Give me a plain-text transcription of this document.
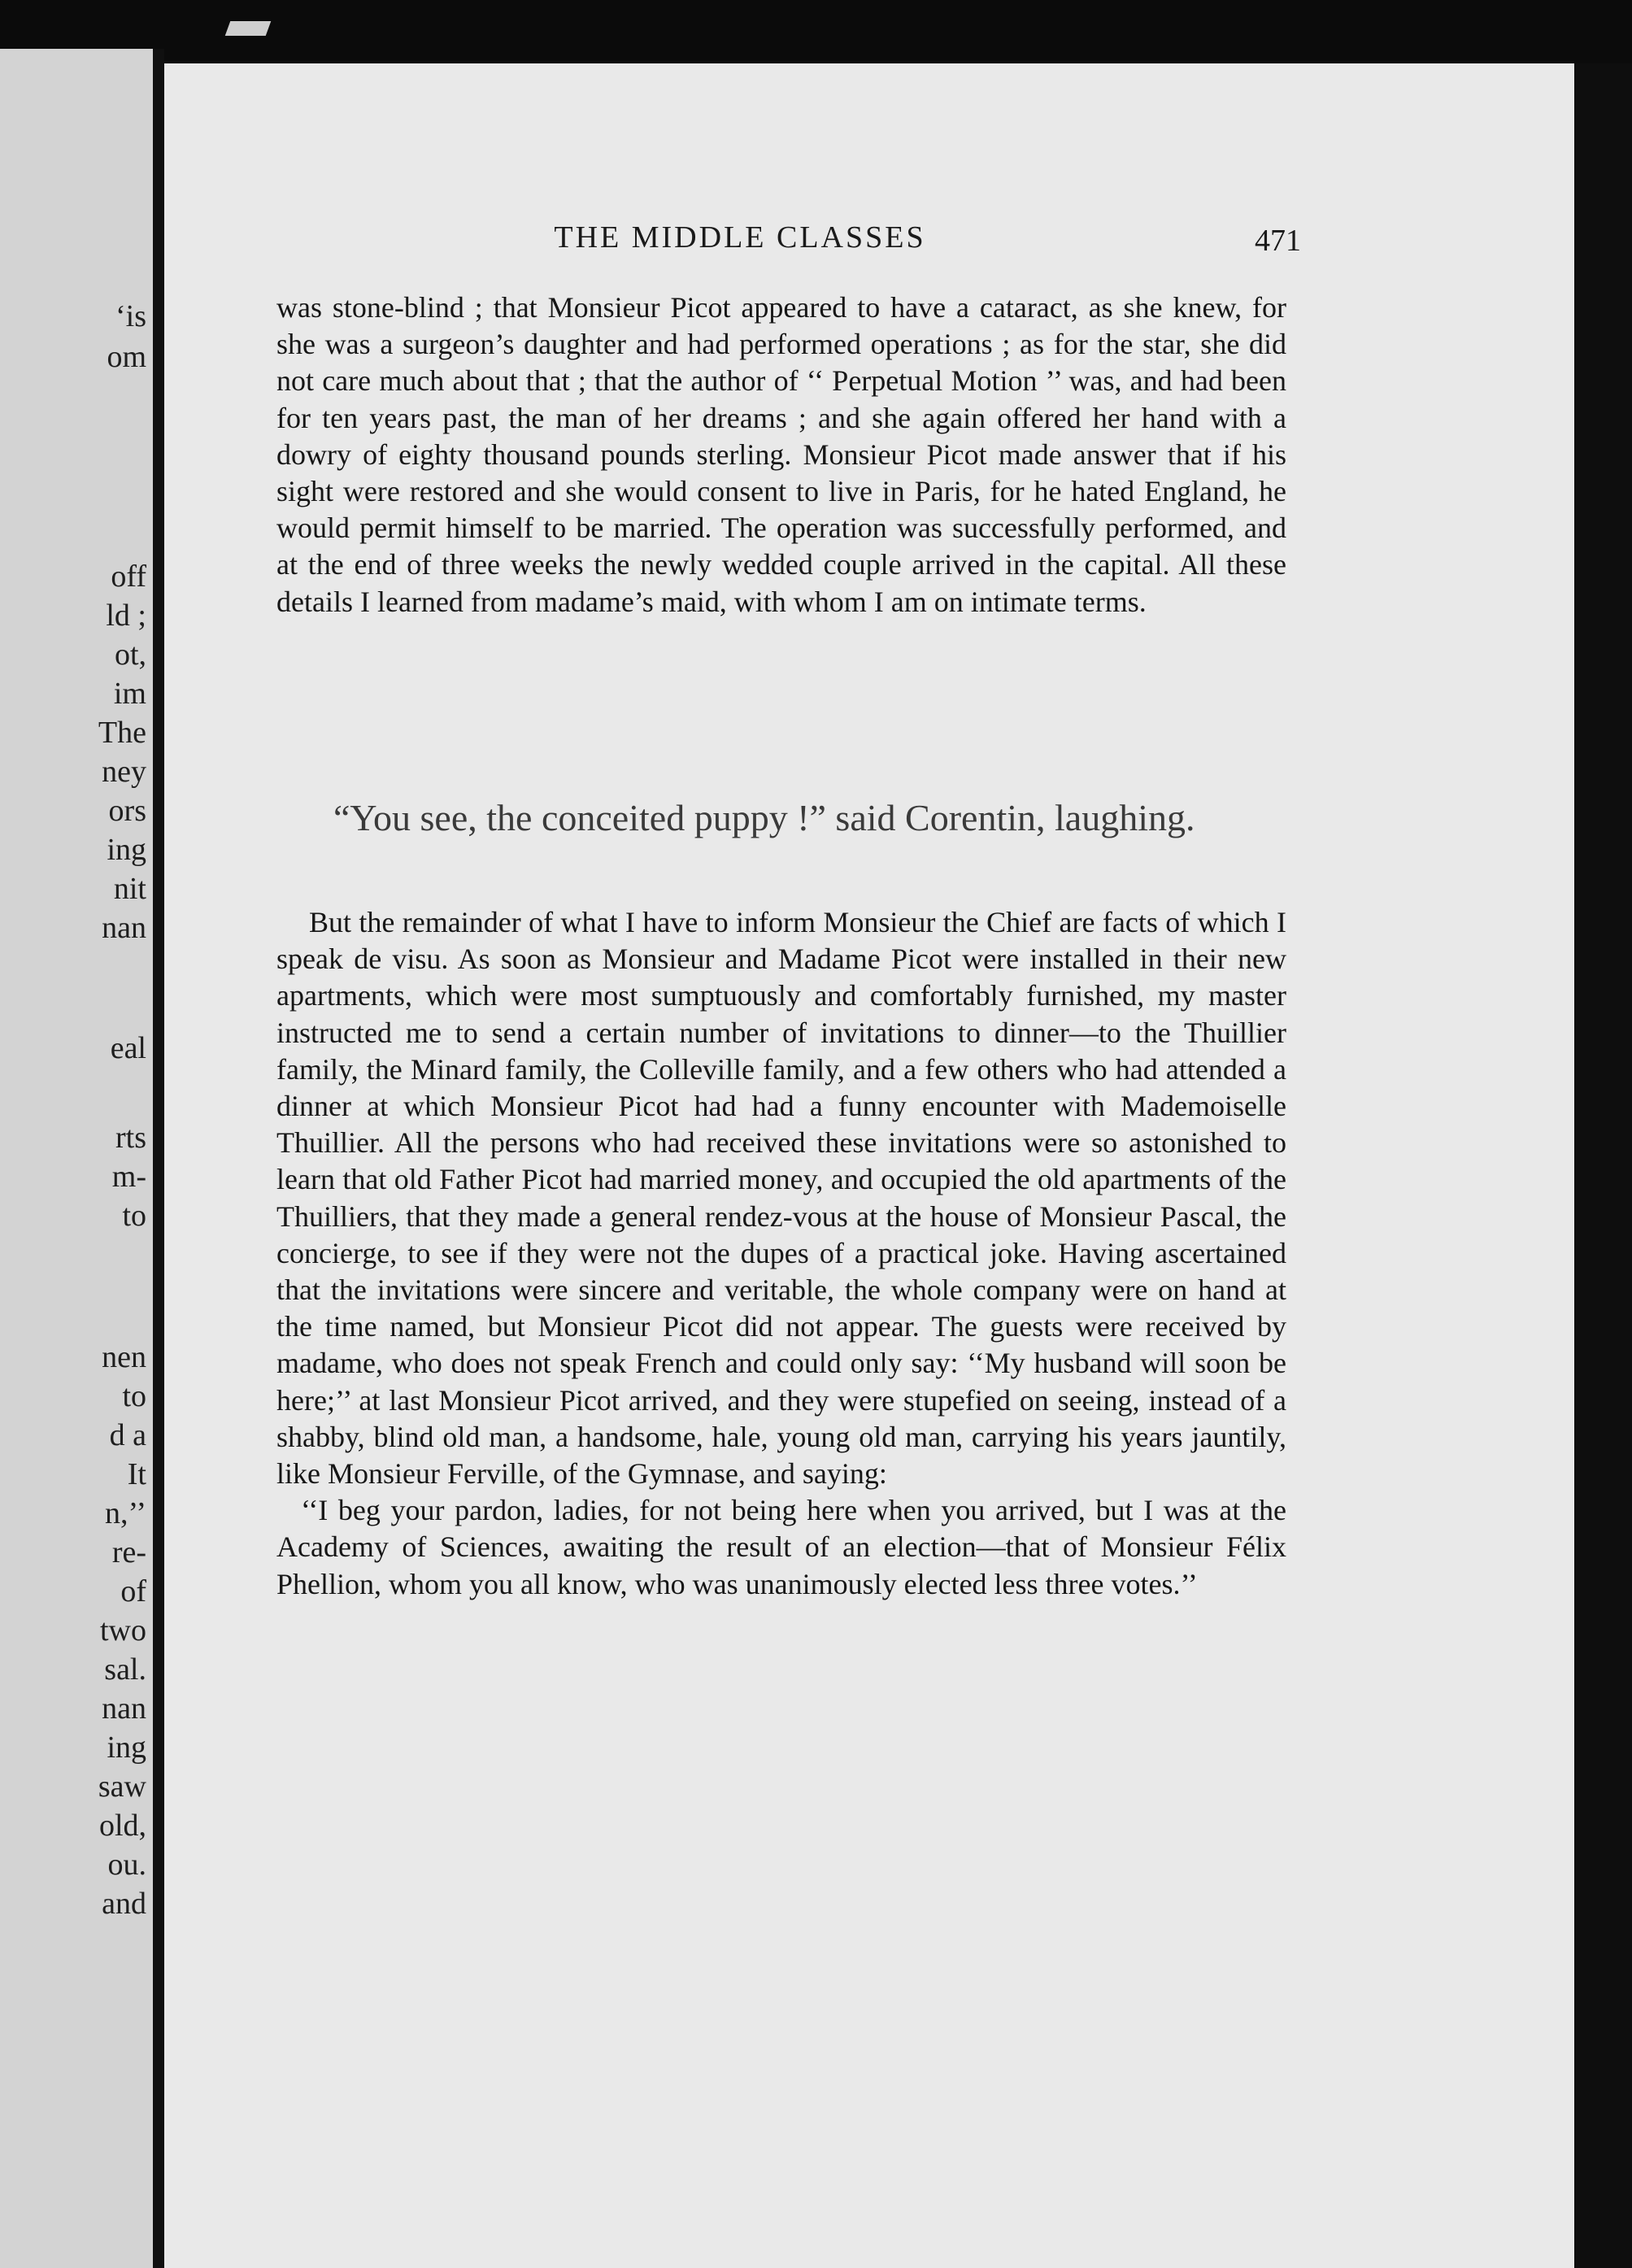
‘is
om
off
ld ;
ot,
im
The
ney
ors
ing
nit
nan
eal
rts
m-
to
nen
to
d a
It
n,’’
re-
of
two
sal.
nan
ing
saw
old,
ou.
and
THE MIDDLE CLASSES	471
was stone-blind ; that Monsieur Picot appeared to have a cataract, as she knew, for she was a surgeon’s daughter and had performed operations ; as for the star, she did not care much about that ; that the author of ‘‘ Perpetual Motion ’’ was, and had been for ten years past, the man of her dreams ; and she again offered her hand with a dowry of eighty thousand pounds sterling. Monsieur Picot made answer that if his sight were restored and she would consent to live in Paris, for he hated England, he would permit himself to be married. The operation was successfully performed, and at the end of three weeks the newly wedded couple arrived in the capital. All these details I learned from madame’s maid, with whom I am on intimate terms.
“You see, the conceited puppy !” said Corentin, laughing.

But the remainder of what I have to inform Monsieur the Chief are facts of which I speak de visu. As soon as Monsieur and Madame Picot were installed in their new apartments, which were most sumptuously and comfortably furnished, my master instructed me to send a certain number of invitations to dinner—to the Thuillier family, the Minard family, the Colleville family, and a few others who had attended a dinner at which Monsieur Picot had had a funny encounter with Mademoiselle Thuillier. All the persons who had received these invitations were so astonished to learn that old Father Picot had married money, and occupied the old apartments of the Thuilliers, that they made a general rendez-vous at the house of Monsieur Pascal, the concierge, to see if they were not the dupes of a practical joke. Having ascertained that the invitations were sincere and veritable, the whole company were on hand at the time named, but Monsieur Picot did not appear. The guests were received by madame, who does not speak French and could only say: ‘‘My husband will soon be here;’’ at last Monsieur Picot arrived, and they were stupefied on seeing, instead of a shabby, blind old man, a handsome, hale, young old man, carrying his years jauntily, like Monsieur Ferville, of the Gymnase, and saying:

‘‘I beg your pardon, ladies, for not being here when you arrived, but I was at the Academy of Sciences, awaiting the result of an election—that of Monsieur Félix Phellion, whom you all know, who was unanimously elected less three votes.’’
